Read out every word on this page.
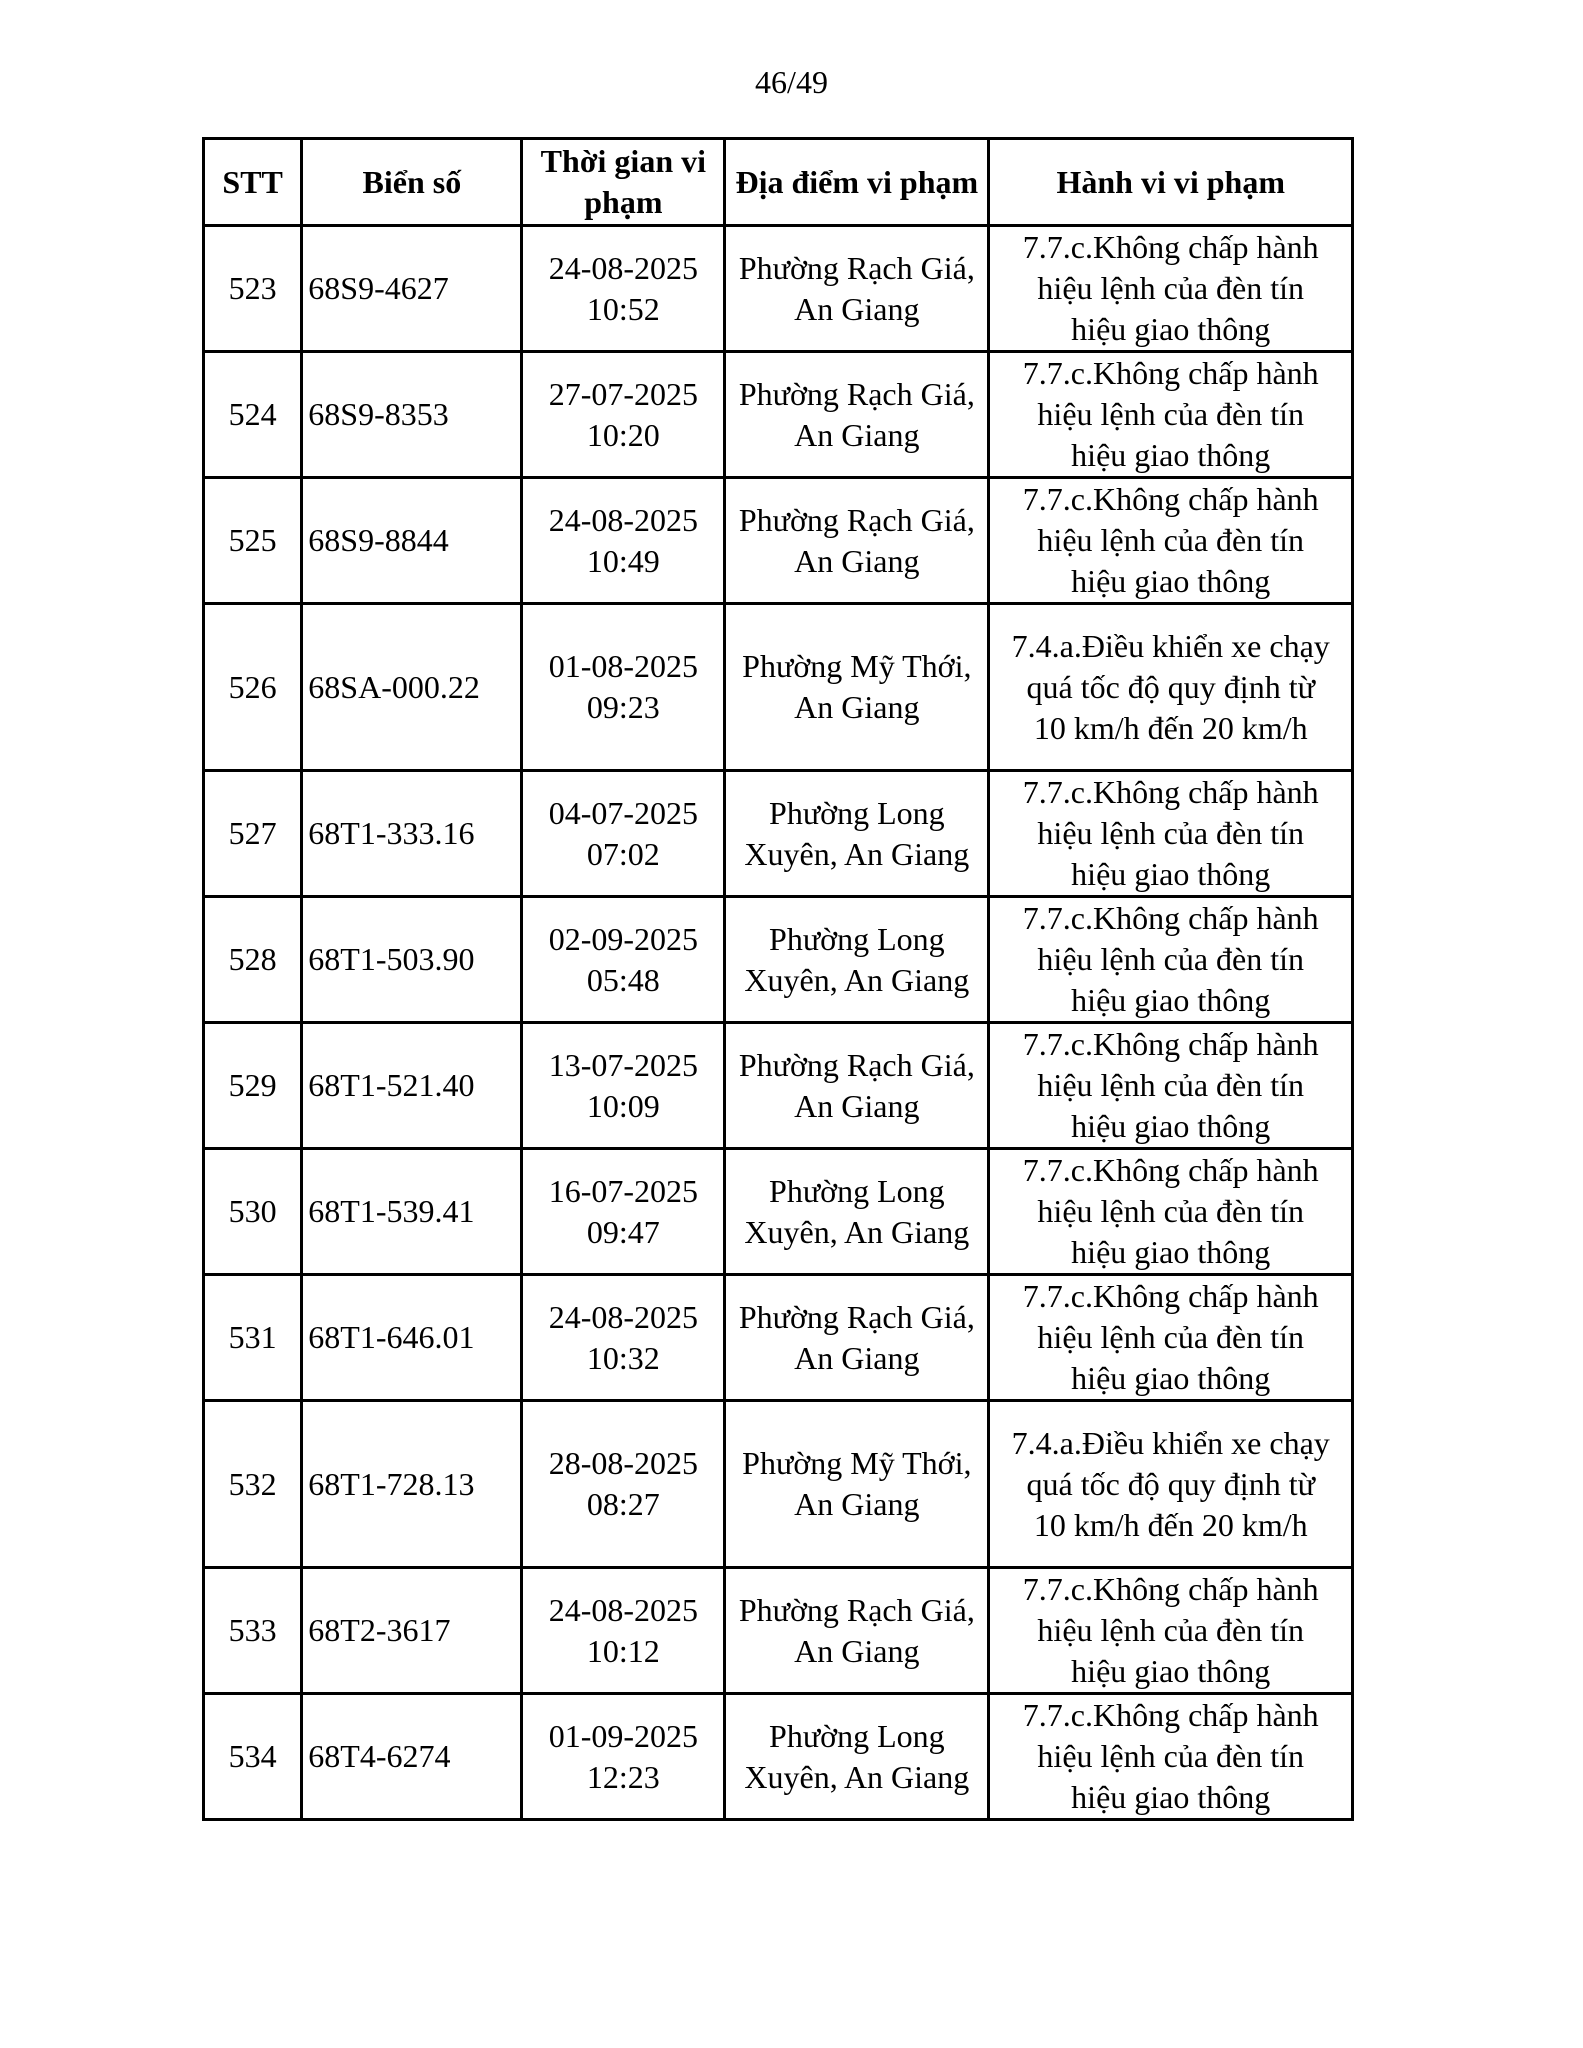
46/49
STT	Biển số	Thời gian vi
phạm	Địa điểm vi phạm	Hành vi vi phạm
523	68S9-4627	24-08-2025
10:52	Phường Rạch Giá,
An Giang	7.7.c.Không chấp hành
hiệu lệnh của đèn tín
hiệu giao thông

524	68S9-8353	27-07-2025
10:20	Phường Rạch Giá,
An Giang	7.7.c.Không chấp hành
hiệu lệnh của đèn tín
hiệu giao thông

525	68S9-8844	24-08-2025
10:49	Phường Rạch Giá,
An Giang	7.7.c.Không chấp hành
hiệu lệnh của đèn tín
hiệu giao thông

526	68SA-000.22	01-08-2025
09:23	Phường Mỹ Thới,
An Giang	7.4.a.Điều khiển xe chạy
quá tốc độ quy định từ
10 km/h đến 20 km/h

527	68T1-333.16	04-07-2025
07:02	Phường Long
Xuyên, An Giang	7.7.c.Không chấp hành
hiệu lệnh của đèn tín
hiệu giao thông

528	68T1-503.90	02-09-2025
05:48	Phường Long
Xuyên, An Giang	7.7.c.Không chấp hành
hiệu lệnh của đèn tín
hiệu giao thông

529	68T1-521.40	13-07-2025
10:09	Phường Rạch Giá,
An Giang	7.7.c.Không chấp hành
hiệu lệnh của đèn tín
hiệu giao thông

530	68T1-539.41	16-07-2025
09:47	Phường Long
Xuyên, An Giang	7.7.c.Không chấp hành
hiệu lệnh của đèn tín
hiệu giao thông

531	68T1-646.01	24-08-2025
10:32	Phường Rạch Giá,
An Giang	7.7.c.Không chấp hành
hiệu lệnh của đèn tín
hiệu giao thông

532	68T1-728.13	28-08-2025
08:27	Phường Mỹ Thới,
An Giang	7.4.a.Điều khiển xe chạy
quá tốc độ quy định từ
10 km/h đến 20 km/h

533	68T2-3617	24-08-2025
10:12	Phường Rạch Giá,
An Giang	7.7.c.Không chấp hành
hiệu lệnh của đèn tín
hiệu giao thông

534	68T4-6274	01-09-2025
12:23	Phường Long
Xuyên, An Giang	7.7.c.Không chấp hành
hiệu lệnh của đèn tín
hiệu giao thông
